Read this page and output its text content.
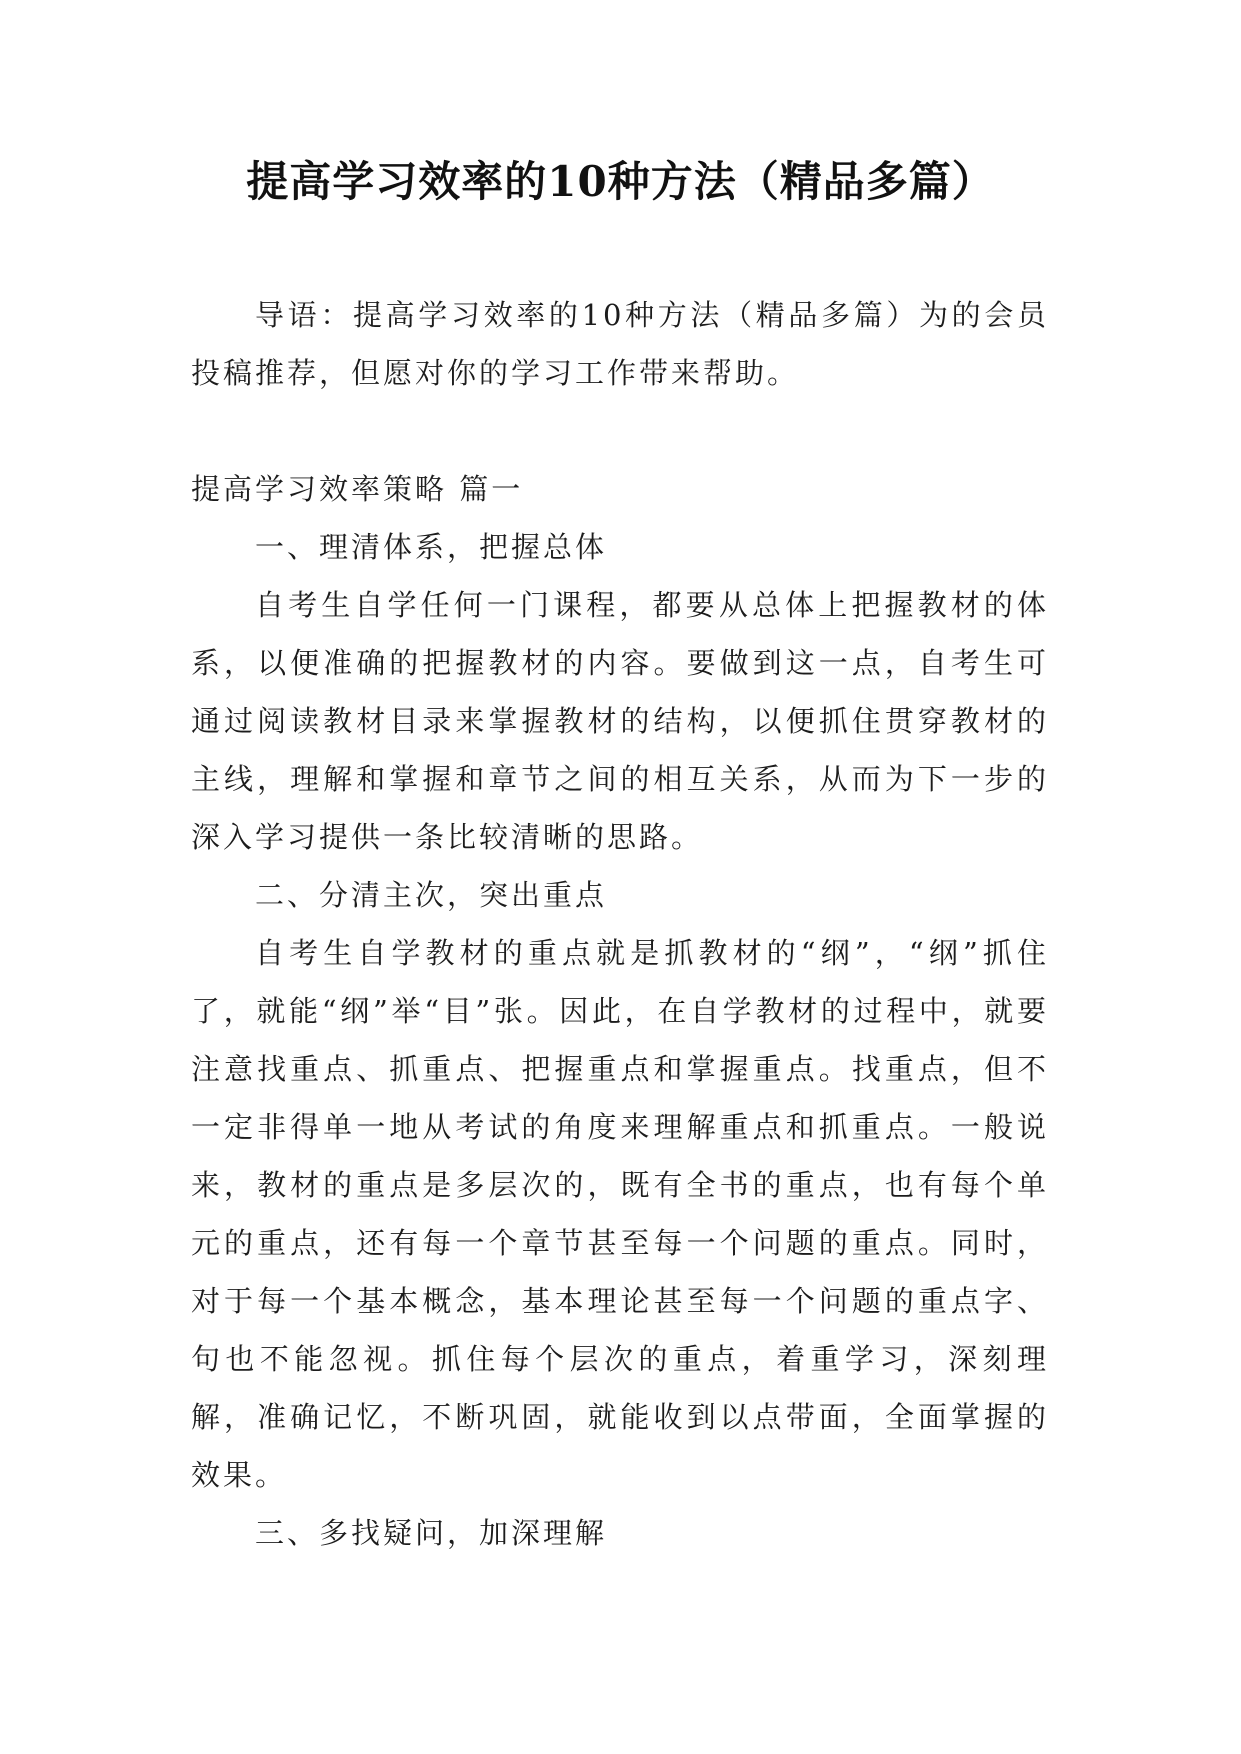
提高学习效率的10种方法（精品多篇）

导语：提高学习效率的10种方法（精品多篇）为的会员投稿推荐，但愿对你的学习工作带来帮助。

提高学习效率策略 篇一

一、理清体系，把握总体

自考生自学任何一门课程，都要从总体上把握教材的体系，以便准确的把握教材的内容。要做到这一点，自考生可通过阅读教材目录来掌握教材的结构，以便抓住贯穿教材的主线，理解和掌握和章节之间的相互关系，从而为下一步的深入学习提供一条比较清晰的思路。

二、分清主次，突出重点

自考生自学教材的重点就是抓教材的“纲”，“纲”抓住了，就能“纲”举“目”张。因此，在自学教材的过程中，就要注意找重点、抓重点、把握重点和掌握重点。找重点，但不一定非得单一地从考试的角度来理解重点和抓重点。一般说来，教材的重点是多层次的，既有全书的重点，也有每个单元的重点，还有每一个章节甚至每一个问题的重点。同时，对于每一个基本概念，基本理论甚至每一个问题的重点字、句也不能忽视。抓住每个层次的重点，着重学习，深刻理解，准确记忆，不断巩固，就能收到以点带面，全面掌握的效果。

三、多找疑问，加深理解
